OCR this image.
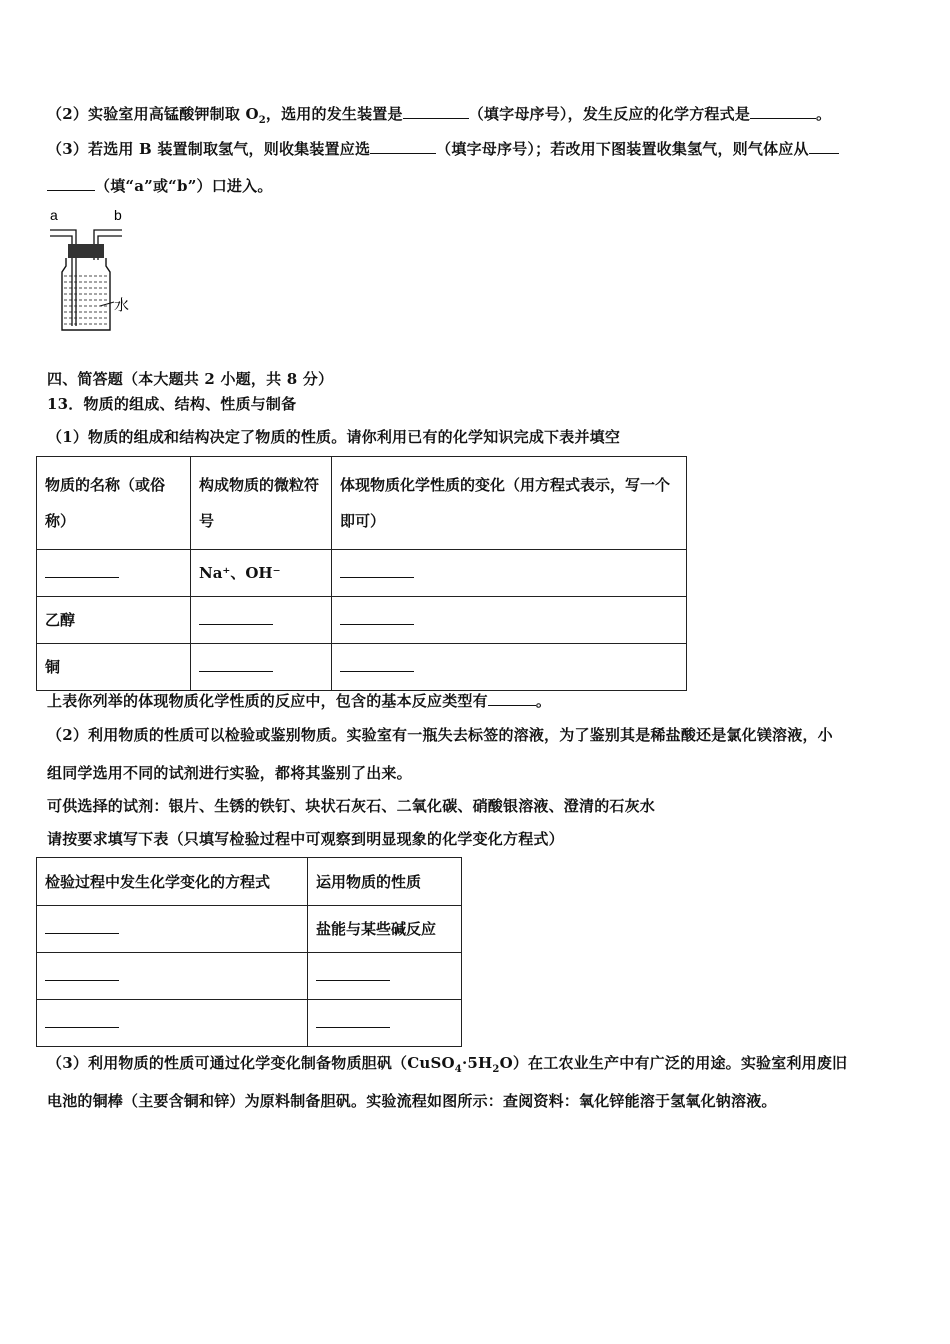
（2）实验室用高锰酸钾制取 $O_2$，选用的发生装置是	（填字母序号），发生反应的化学方程式是	。
（3）若选用 B 装置制取氢气，则收集装置应选	（填字母序号）；若改用下图装置收集氢气，则气体应从
（填“a”或“b”）口进入。
a	b
水
四、简答题（本大题共 2 小题，共 8 分）
13．物质的组成、结构、性质与制备
（1）物质的组成和结构决定了物质的性质。请你利用已有的化学知识完成下表并填空
物质的名称（或俗称）	构成物质的微粒符号	体现物质化学性质的变化（用方程式表示，写一个即可）
	Na⁺、OH⁻	
乙醇		
铜		
上表你列举的体现物质化学性质的反应中，包含的基本反应类型有	。
（2）利用物质的性质可以检验或鉴别物质。实验室有一瓶失去标签的溶液，为了鉴别其是稀盐酸还是氯化镁溶液，小
组同学选用不同的试剂进行实验，都将其鉴别了出来。
可供选择的试剂：银片、生锈的铁钉、块状石灰石、二氧化碳、硝酸银溶液、澄清的石灰水
请按要求填写下表（只填写检验过程中可观察到明显现象的化学变化方程式）
检验过程中发生化学变化的方程式	运用物质的性质
	盐能与某些碱反应

（3）利用物质的性质可通过化学变化制备物质胆矾$(CuSO_4\cdot 5H_2O)$在工农业生产中有广泛的用途。实验室利用废旧
电池的铜棒（主要含铜和锌）为原料制备胆矾。实验流程如图所示：查阅资料：氧化锌能溶于氢氧化钠溶液。
